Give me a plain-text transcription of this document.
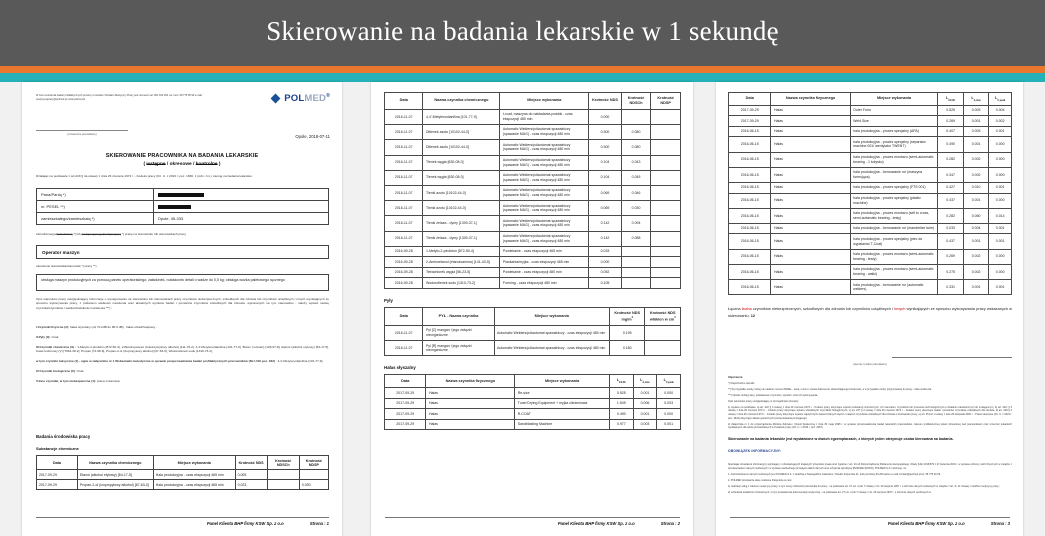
Skierowanie na badania lekarskie w 1 sekundę
W celu umówienia badań profilaktycznych prosimy o kontakt z Działem Medycyny Pracy pod numerem tel. 801 810 200, tel. kom. 58 775 95 99 e-mail: medycynapracy@polmed.pl; www.polmed.pl	POLMED®
(oznaczenie pracodawcy)	Opole, 2018-07-11
SKIEROWANIE PRACOWNIKA NA BADANIA LEKARSKIE
( wstępne / okresowe / kontrolne )
Działając na podstawie z art.229 § 4a ustawy z dnia 26 czerwca 1974 r. - Kodeks pracy (Dz. U. z 2016 r. poz. 1666, z późn. zm.), kieruję na badania lekarskie:
Pana/Panią *)	
nr. PESEL **)	
zamieszkałego/zamieszkałą *)	Opole, 45-333
zatrudnionego/zatrudnioną *) lub podejmującego/podejmującą *) pracę na stanowisku lub stanowiskach pracy
Operator maszyn
określenie stanowiska/stanowisk *) pracy **)
obsługa maszyn produkcyjnych za pomocą panelu operatorskiego; załadunek, rozładunek detali o wadze do 0,5 kg; obsługa wózka paletowego ręcznego
Opis warunków pracy uwzględniający informacje o występowaniu na stanowisku lub stanowiskach pracy czynników niebezpiecznych, szkodliwych dla zdrowia lub czynników uciążliwych i innych wynikających ze sposobu wykonywania pracy, z podaniem wielkości narażenia oraz aktualnych wyników badań i pomiarów czynników szkodliwych dla zdrowia, wykonanych na tym stanowisku - należy wpisać nazwę czynnika/czynników i wielkość/wielkości narażenia ***) :
I.Czynniki fizyczne (2): hałas słyszalny (od 70.2dB do 86.9 dB) , hałas ultradźwiękowy .
II.Pyły (0) : brak
III.Czynniki chemiczne (9) : 1-Metylo-2-pirolidon [872-50-4], 2-Butoksyetanol (butoksyetylowy alkohol) [111-76-2], 4,4'-Metylenodianilina [101-77-9], Butan (n-butan) [106-97-8], Etanol (alkohol etylowy) [64-17-5], Kwas fosforowy (V) [7664-38-2], Propan [74-98-6], Propan-2-ol (izopropylowy alkohol) [67-63-0], Wodorotlenek sodu [1310-73-2],
w tym czynniki toksyczne (1) - ujęte w załączniku nr 1 Wskazówki metodyczne w sprawie przeprowadzania badań profilaktycznych pracowników (Dz.U.69 poz. 332) : 4,4'-Metylenodianilina [101-77-9],
IV.Czynniki biologiczne (0) : brak
V.Inne czynniki, w tym niebezpieczne (1): praca zmianowa.
Badania środowiska pracy
Substancje chemiczne
Data	Nazwa czynnika chemicznego	Miejsce wykonania	Krotność NDS	Krotność NDSCh	Krotność NDSP
2017-09-29	Etanol (alkohol etylowy) [64-17-5]	Hala produkcyjna - czas ekspozycji 465 min	0.005		
2017-09-29	Propan-2-ol (izopropylowy alkohol) [67-63-0]	Hala produkcyjna - czas ekspozycji 465 min	0.023		0.030
Panel Klienta BHP firmy KSW Sp. z o.o	Strona : 1
Data	Nazwa czynnika chemicznego	Miejsce wykonania	Krotność NDS	Krotność NDSCh	Krotność NDSP
2016-11-07	4,4'-Metylenodianilina [101-77-9]	t-coat, maszyna do nakładania powłok - czas ekspozycji 480 min	0.000		
2016-11-07	Ditlenek azotu [10102-44-0]	Automatic Welders/półautomat spawalniczy (spawanie MAG) - czas ekspozycji 480 min	0.300	0.080	
2016-11-07	Ditlenek azotu [10102-44-0]	Automatic Welders/półautomat spawalniczy (spawanie MAG) - czas ekspozycji 480 min	0.300	0.080	
2016-11-07	Tlenek węgla [630-08-0]	Automatic Welders/półautomat spawalniczy (spawanie MAG) - czas ekspozycji 480 min	0.104	0.043	
2016-11-07	Tlenek węgla [630-08-0]	Automatic Welders/półautomat spawalniczy (spawanie MAG) - czas ekspozycji 480 min	0.104	0.045	
2016-11-07	Tlenki azotu [10102-44-0]	Automatic Welders/półautomat spawalniczy (spawanie MAG) - czas ekspozycji 480 min	0.069	0.046	
2016-11-07	Tlenki azotu [10102-44-0]	Automatic Welders/półautomat spawalniczy (spawanie MAG) - czas ekspozycji 480 min	0.069	0.030	
2016-11-07	Tlenki żelaza - dymy [1309-37-1]	Automatic Welders/półautomat spawalniczy (spawanie MAG) - czas ekspozycji 480 min	0.142	0.094	
2016-11-07	Tlenki żelaza - dymy [1309-37-1]	Automatic Welders/półautomat spawalniczy (spawanie MAG) - czas ekspozycji 480 min	0.142	0.088	
2016-09-28	1-Metylo-2-pirolidon [872-50-4]	Powlekanie - czas ekspozycji 465 min	0.033		
2016-09-28	2-Aminoetanol (etanoloamina) [141-43-5]	Piaskarka/myjka - czas ekspozycji 465 min	0.000		
2016-09-28	Tetrachlorek węgla [56-23-5]	Powlekanie - czas ekspozycji 480 min	0.052		
2016-09-28	Wodorotlenek sodu [1310-73-2]	Forming - czas ekspozycji 480 min	0.105		
Pyły
Data	PYŁ - Nazwa czynnika	Miejsce wykonania	Krotność NDS $mg/m^3$	Krotność NDS włókien w $cm^3$
2016-11-07	Pył [C] mangan i jego związki nieorganiczne	Automatic Welders/półautomat spawalniczy - czas ekspozycji 480 min	0.195	
2016-11-07	Pył [R] mangan i jego związki nieorganiczne	Automatic Welders/półautomat spawalniczy - czas ekspozycji 480 min	0.180	
Hałas słyszalny
Data	Nazwa czynnika fizycznego	Miejsce wykonania	$L_{EX,8h}$	$L_{A,max}$	$L_{C,peak}$
2017-09-29	Hałas	Re-size	0.525	0.001	0.000
2017-09-29	Hałas	Tunel Drying Equipment + myjka ciśnieniowa	1.549	0.006	0.003
2017-09-29	Hałas	R-COAT	0.490	0.001	0.000
2017-09-29	Hałas	Sandblasting Machine	0.977	0.003	0.001
Panel Klienta BHP firmy KSW Sp. z o.o	Strona : 2
Data	Nazwa czynnika fizycznego	Miejsce wykonania	$L_{EX,8h}$	$L_{A,max}$	$L_{C,peak}$
2017-09-29	Hałas	Outer Form	0.525	0.003	0.004
2017-09-29	Hałas	Weld Size	0.269	0.001	0.002
2016-06-15	Hałas	hala produkcyjna - proces specjalny (APA)	0.407	0.003	0.001
2016-06-15	Hałas	hala produkcyjna - proces specjalny (separator machine 001/ wentylator TWENT)	0.490	0.001	0.000
2016-06-15	Hałas	hala produkcyjna - proces montażu (semi-automatic bearing - 1 łożysko)	0.282	0.002	0.000
2016-06-15	Hałas	hala produkcyjna - formowanie rur (maszyna formująca)	0.347	0.002	0.000
2016-06-15	Hałas	hala produkcyjna - proces specjalny (FTS 001)	0.427	0.010	0.001
2016-06-15	Hałas	hala produkcyjna - proces specjalny (plastic machine)	0.437	0.001	0.000
2016-06-15	Hałas	hala produkcyjna - proces montażu (sell to cross, semi-automatic bearing - testy)	0.282	0.060	0.014
2016-06-15	Hałas	hala produkcyjna - formowanie rur (mandrelize tube)	0.033	0.004	0.001
2016-06-15	Hałas	hala produkcyjna - proces specjalny (piec do wypalania/ T-Coat)	0.437	0.001	0.001
2016-06-15	Hałas	hala produkcyjna - proces montażu (semi-automatic bearing - testy)	0.269	0.002	0.000
2016-06-15	Hałas	hala produkcyjna - proces montażu (semi-automatic bearing - wałki)	0.275	0.002	0.000
2016-06-15	Hałas	hala produkcyjna - formowanie rur (automatic welders)	0.331	0.001	0.001
Łączna liczba czynników niebezpiecznych, szkodliwych dla zdrowia lub czynników uciążliwych i innych wynikających ze sposobu wykonywania pracy wskazanych w skierowaniu: 12
(pieczęć i podpis pracodawcy)

Objaśnienia:

*) Niepotrzebne skreślić.

**) W przypadku osoby, której nie nadano numeru PESEL - seria, numer i nazwa dokumentu stwierdzającego tożsamość, a w przypadku osoby przyjmowanej do pracy - data urodzenia.

***) Opisać rodzaj pracy, podstawowe czynności, sposób i czas ich wykonywania.

Opis warunków pracy uwzględniający w szczególności przepisy:

1) wydane na podstawie: a) art. 222 § 3 ustawy z dnia 26 czerwca 1974 r. - Kodeks pracy dotyczące wykazu substancji chemicznych, ich mieszanin, czynników lub procesów technologicznych o działaniu rakotwórczym lub mutagennym, b) art. 222¹ § 3 ustawy z dnia 26 czerwca 1974 r. - Kodeks pracy dotyczące wykazu szkodliwych czynników biologicznych, c) art. 227 § 2 ustawy z dnia 26 czerwca 1974 r. - Kodeks pracy dotyczące badań i pomiarów czynników szkodliwych dla zdrowia, d) art. 228 § 3 ustawy z dnia 26 czerwca 1974 r. - Kodeks pracy dotyczące wykazu najwyższych dopuszczalnych stężeń i natężeń czynników szkodliwych dla zdrowia w środowisku pracy, e) art. 25 pkt 1 ustawy z dnia 29 listopada 2000 r. - Prawo atomowe (Dz. U. z 2024 r. poz. 1522) dotyczące dawek granicznych promieniowania jonizującego;

2) Załącznika nr 1 do rozporządzenia Ministra Zdrowia i Opieki Społecznej z dnia 30 maja 1996 r. w sprawie przeprowadzenia badań lekarskich pracowników, zakresu profilaktycznej opieki zdrowotnej nad pracownikami oraz orzeczeń lekarskich wydawanych dla celów przewidzianych w Kodeksie pracy (Dz. U. z 2016 r. poz. 2067)

Skierowanie na badania lekarskie jest wystawione w dwóch egzemplarzach, z których jeden otrzymuje osoba kierowana na badania.
OBOWIĄZEK INFORMACYJNY:

Spełniając obowiązek informacyjny wynikający z obowiązujących krajowych przepisów prawa oraz zgodnie z art. 13-14 Rozporządzenia Parlamentu Europejskiego i Rady (UE) 2016/679 z 27 kwietnia 2016 r. w sprawie ochrony osób fizycznych w związku z przetwarzaniem danych osobowych i w sprawie swobodnego przepływu takich danych oraz uchylenia dyrektywy 95/46/WE (RODO), POLMED S.A. informuje, że:

1. Administratorem danych osobowych jest POLMED S.A. z siedzibą w Starogardzie Gdańskim, Osiedle Kopernika 21, kod pocztowy 83-200 adres e-mail: kontakt@polmed.pl tel. 58 775 00 29.

2. POLMED przetwarza dane osobowe Pacjentów w celu:

1) realizacji usług z zakresu medycyny pracy, w tym oceny zdolności pracownika do pracy - na podstawie art. 27 ust. 2 pkt 7 Ustawy z dn. 29 sierpnia 1997 r. o ochronie danych osobowych w związku z art. 6 i 11 Ustawy o służbie medycyny pracy;

2) udzielania świadczeń zdrowotnych, w tym prowadzenia dokumentacji medycznej - na podstawie art. 27 ust. 2 pkt 7 Ustawy z dn. 29 sierpnia 1997 r. o ochronie danych osobowych w

Panel Klienta BHP firmy KSW Sp. z o.o	Strona : 3
